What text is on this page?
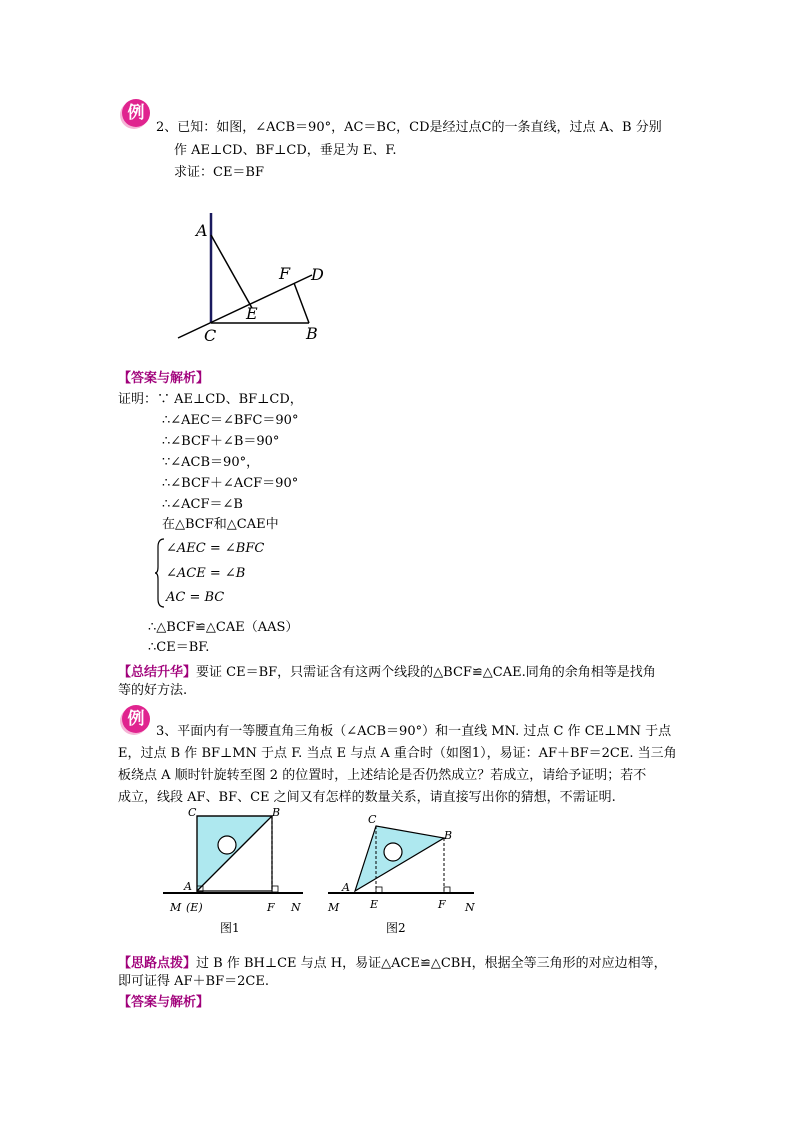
例
2、已知：如图，∠ACB＝90°，AC＝BC，CD是经过点C的一条直线，过点 A、B 分别
作 AE⊥CD、BF⊥CD，垂足为 E、F.
求证：CE＝BF
A
C	B
E
F D
【答案与解析】
证明：∵ AE⊥CD、BF⊥CD，
∴∠AEC＝∠BFC＝90°
∴∠BCF＋∠B＝90°
∵∠ACB＝90°，
∴∠BCF＋∠ACF＝90°
∴∠ACF＝∠B
在△BCF和△CAE中
∠AEC = ∠BFC
∠ACE = ∠B
AC = BC
∴△BCF≌△CAE（AAS）
∴CE＝BF.
【总结升华】要证 CE＝BF，只需证含有这两个线段的△BCF≌△CAE.同角的余角相等是找角
等的好方法.
例
3、平面内有一等腰直角三角板（∠ACB＝90°）和一直线 MN. 过点 C 作 CE⊥MN 于点
E，过点 B 作 BF⊥MN 于点 F. 当点 E 与点 A 重合时（如图1），易证：AF＋BF＝2CE. 当三角
板绕点 A 顺时针旋转至图 2 的位置时，上述结论是否仍然成立？若成立，请给予证明；若不
成立，线段 AF、BF、CE 之间又有怎样的数量关系，请直接写出你的猜想，不需证明.
C	B
A
M (E)	F N
图1
C
B
A
M	E	F N
图2
【思路点拨】过 B 作 BH⊥CE 与点 H，易证△ACE≌△CBH，根据全等三角形的对应边相等，
即可证得 AF＋BF＝2CE.
【答案与解析】
